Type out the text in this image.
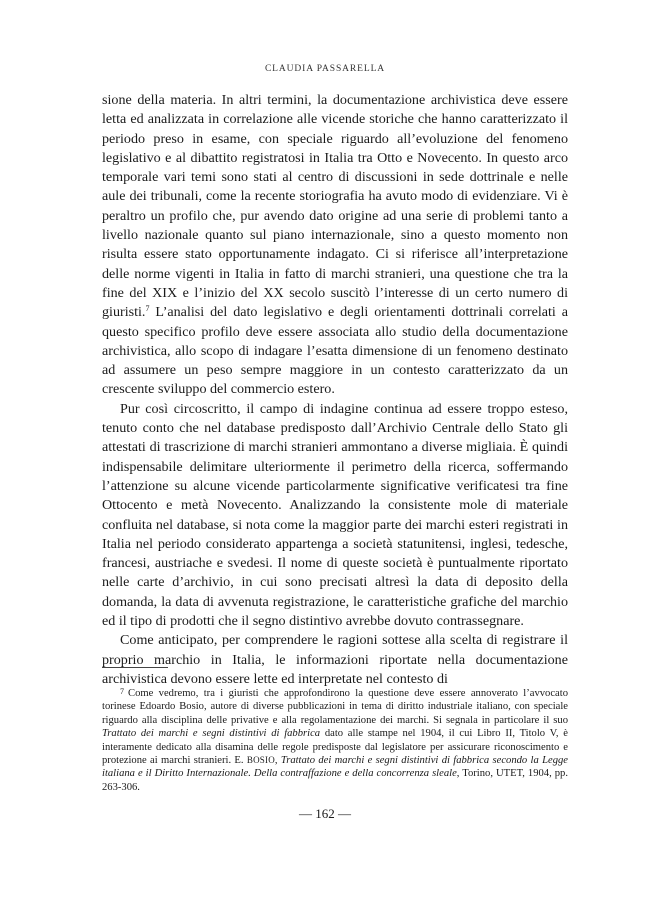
CLAUDIA PASSARELLA

sione della materia. In altri termini, la documentazione archivistica deve essere letta ed analizzata in correlazione alle vicende storiche che hanno caratterizzato il periodo preso in esame, con speciale riguardo all’evoluzione del fenomeno legislativo e al dibattito registratosi in Italia tra Otto e Novecento. In questo arco temporale vari temi sono stati al centro di discussioni in sede dottrinale e nelle aule dei tribunali, come la recente storiografia ha avuto modo di evidenziare. Vi è peraltro un profilo che, pur avendo dato origine ad una serie di problemi tanto a livello nazionale quanto sul piano internazionale, sino a questo momento non risulta essere stato opportunamente indagato. Ci si riferisce all’interpretazione delle norme vigenti in Italia in fatto di marchi stranieri, una questione che tra la fine del XIX e l’inizio del XX secolo suscitò l’interesse di un certo numero di giuristi.$^7$ L’analisi del dato legislativo e degli orientamenti dottrinali correlati a questo specifico profilo deve essere associata allo studio della documentazione archivistica, allo scopo di indagare l’esatta dimensione di un fenomeno destinato ad assumere un peso sempre maggiore in un contesto caratterizzato da un crescente sviluppo del commercio estero.

Pur così circoscritto, il campo di indagine continua ad essere troppo esteso, tenuto conto che nel database predisposto dall’Archivio Centrale dello Stato gli attestati di trascrizione di marchi stranieri ammontano a diverse migliaia. È quindi indispensabile delimitare ulteriormente il perimetro della ricerca, soffermando l’attenzione su alcune vicende particolarmente significative verificatesi tra fine Ottocento e metà Novecento. Analizzando la consistente mole di materiale confluita nel database, si nota come la maggior parte dei marchi esteri registrati in Italia nel periodo considerato appartenga a società statunitensi, inglesi, tedesche, francesi, austriache e svedesi. Il nome di queste società è puntualmente riportato nelle carte d’archivio, in cui sono precisati altresì la data di deposito della domanda, la data di avvenuta registrazione, le caratteristiche grafiche del marchio ed il tipo di prodotti che il segno distintivo avrebbe dovuto contrassegnare.

Come anticipato, per comprendere le ragioni sottese alla scelta di registrare il proprio marchio in Italia, le informazioni riportate nella documentazione archivistica devono essere lette ed interpretate nel contesto di

7 Come vedremo, tra i giuristi che approfondirono la questione deve essere annoverato l’avvocato torinese Edoardo Bosio, autore di diverse pubblicazioni in tema di diritto industriale italiano, con speciale riguardo alla disciplina delle privative e alla regolamentazione dei marchi. Si segnala in particolare il suo Trattato dei marchi e segni distintivi di fabbrica dato alle stampe nel 1904, il cui Libro II, Titolo V, è interamente dedicato alla disamina delle regole predisposte dal legislatore per assicurare riconoscimento e protezione ai marchi stranieri. E. BOSIO, Trattato dei marchi e segni distintivi di fabbrica secondo la Legge italiana e il Diritto Internazionale. Della contraffazione e della concorrenza sleale, Torino, UTET, 1904, pp. 263-306.
— 162 —
